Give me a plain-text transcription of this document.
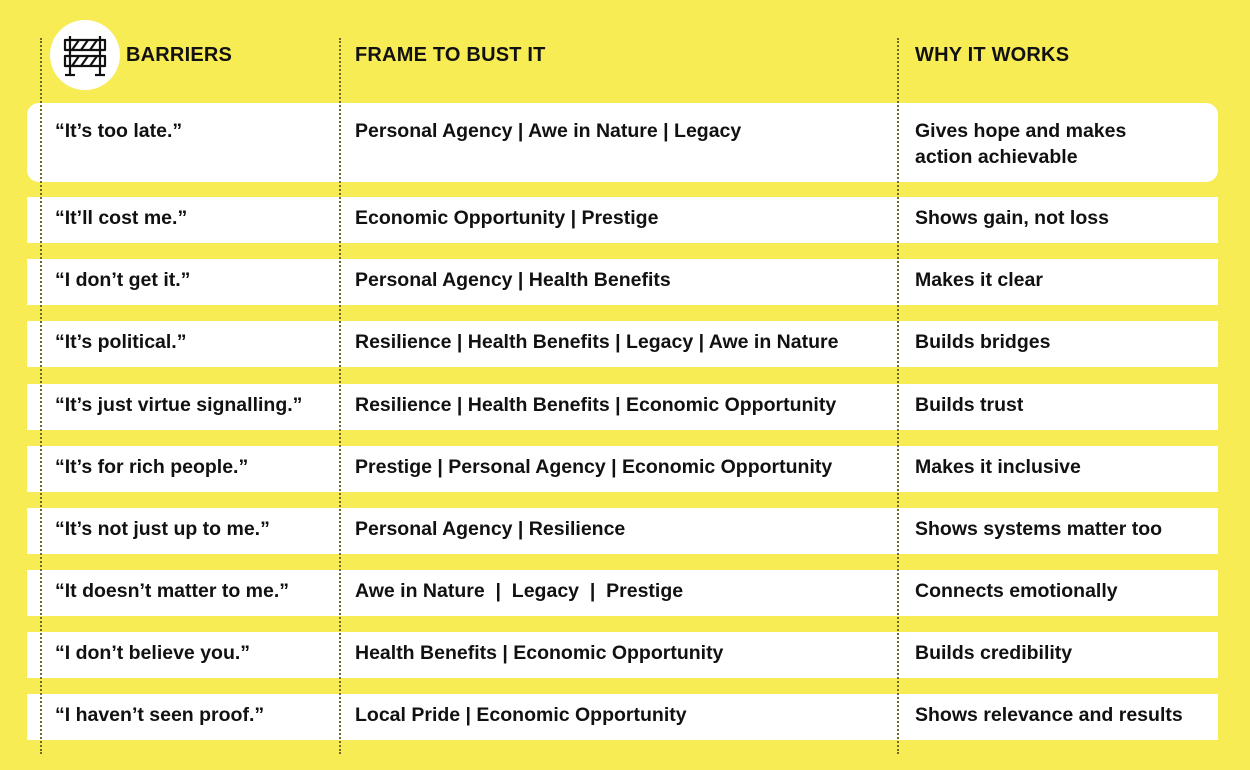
BARRIERS	FRAME TO BUST IT	WHY IT WORKS
“It’s too late.”	Personal Agency | Awe in Nature | Legacy	Gives hope and makes action achievable
“It’ll cost me.”	Economic Opportunity | Prestige	Shows gain, not loss
“I don’t get it.”	Personal Agency | Health Benefits	Makes it clear
“It’s political.”	Resilience | Health Benefits | Legacy | Awe in Nature	Builds bridges
“It’s just virtue signalling.”	Resilience | Health Benefits | Economic Opportunity	Builds trust
“It’s for rich people.”	Prestige | Personal Agency | Economic Opportunity	Makes it inclusive
“It’s not just up to me.”	Personal Agency | Resilience	Shows systems matter too
“It doesn’t matter to me.”	Awe in Nature  |  Legacy  |  Prestige	Connects emotionally
“I don’t believe you.”	Health Benefits | Economic Opportunity	Builds credibility
“I haven’t seen proof.”	Local Pride | Economic Opportunity	Shows relevance and results
